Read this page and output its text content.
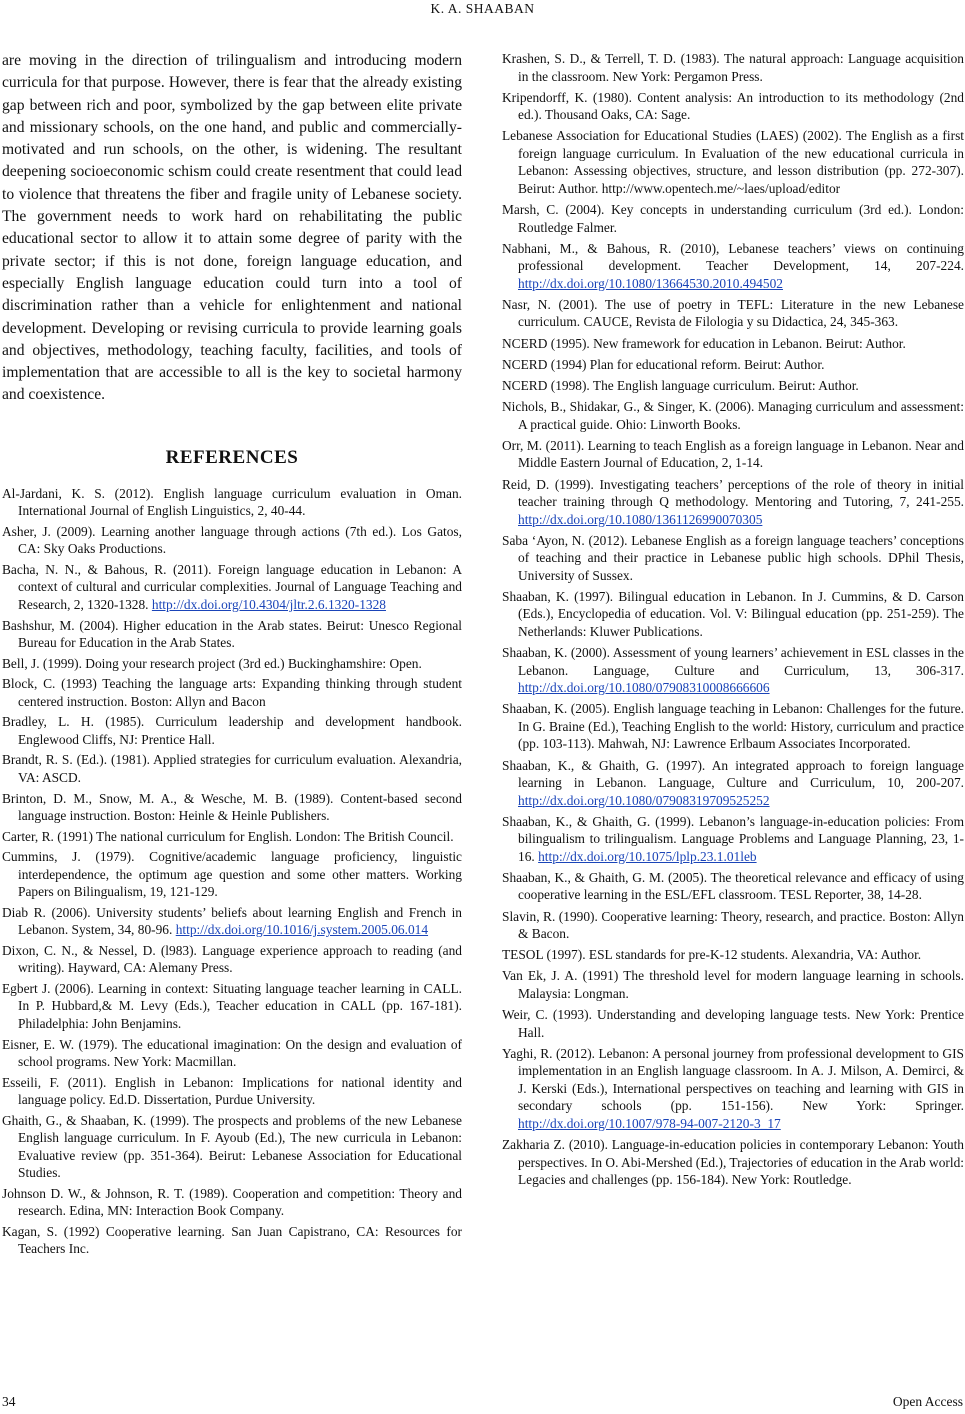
K. A. SHAABAN

are moving in the direction of trilingualism and introducing modern curricula for that purpose. However, there is fear that the already existing gap between rich and poor, symbolized by the gap between elite private and missionary schools, on the one hand, and public and commercially-motivated and run schools, on the other, is widening. The resultant deepening socioeconomic schism could create resentment that could lead to violence that threatens the fiber and fragile unity of Lebanese society. The government needs to work hard on rehabilitating the public educational sector to allow it to attain some degree of parity with the private sector; if this is not done, foreign language education, and especially English language education could turn into a tool of discrimination rather than a vehicle for enlightenment and national development. Developing or revising curricula to provide learning goals and objectives, methodology, teaching faculty, facilities, and tools of implementation that are accessible to all is the key to societal harmony and coexistence.

REFERENCES

Al-Jardani, K. S. (2012). English language curriculum evaluation in Oman. International Journal of English Linguistics, 2, 40-44.

Asher, J. (2009). Learning another language through actions (7th ed.). Los Gatos, CA: Sky Oaks Productions.

Bacha, N. N., & Bahous, R. (2011). Foreign language education in Lebanon: A context of cultural and curricular complexities. Journal of Language Teaching and Research, 2, 1320-1328. http://dx.doi.org/10.4304/jltr.2.6.1320-1328

Bashshur, M. (2004). Higher education in the Arab states. Beirut: Unesco Regional Bureau for Education in the Arab States.

Bell, J. (1999). Doing your research project (3rd ed.) Buckinghamshire: Open.

Block, C. (1993) Teaching the language arts: Expanding thinking through student centered instruction. Boston: Allyn and Bacon

Bradley, L. H. (1985). Curriculum leadership and development handbook. Englewood Cliffs, NJ: Prentice Hall.

Brandt, R. S. (Ed.). (1981). Applied strategies for curriculum evaluation. Alexandria, VA: ASCD.

Brinton, D. M., Snow, M. A., & Wesche, M. B. (1989). Content-based second language instruction. Boston: Heinle & Heinle Publishers.

Carter, R. (1991) The national curriculum for English. London: The British Council.

Cummins, J. (1979). Cognitive/academic language proficiency, linguistic interdependence, the optimum age question and some other matters. Working Papers on Bilingualism, 19, 121-129.

Diab R. (2006). University students’ beliefs about learning English and French in Lebanon. System, 34, 80-96. http://dx.doi.org/10.1016/j.system.2005.06.014

Dixon, C. N., & Nessel, D. (l983). Language experience approach to reading (and writing). Hayward, CA: Alemany Press.

Egbert J. (2006). Learning in context: Situating language teacher learning in CALL. In P. Hubbard,& M. Levy (Eds.), Teacher education in CALL (pp. 167-181). Philadelphia: John Benjamins.

Eisner, E. W. (1979). The educational imagination: On the design and evaluation of school programs. New York: Macmillan.

Esseili, F. (2011). English in Lebanon: Implications for national identity and language policy. Ed.D. Dissertation, Purdue University.

Ghaith, G., & Shaaban, K. (1999). The prospects and problems of the new Lebanese English language curriculum. In F. Ayoub (Ed.), The new curricula in Lebanon: Evaluative review (pp. 351-364). Beirut: Lebanese Association for Educational Studies.

Johnson D. W., & Johnson, R. T. (1989). Cooperation and competition: Theory and research. Edina, MN: Interaction Book Company.

Kagan, S. (1992) Cooperative learning. San Juan Capistrano, CA: Resources for Teachers Inc.

Krashen, S. D., & Terrell, T. D. (1983). The natural approach: Language acquisition in the classroom. New York: Pergamon Press.

Kripendorff, K. (1980). Content analysis: An introduction to its methodology (2nd ed.). Thousand Oaks, CA: Sage.

Lebanese Association for Educational Studies (LAES) (2002). The English as a first foreign language curriculum. In Evaluation of the new educational curricula in Lebanon: Assessing objectives, structure, and lesson distribution (pp. 272-307). Beirut: Author. http://www.opentech.me/~laes/upload/editor

Marsh, C. (2004). Key concepts in understanding curriculum (3rd ed.). London: Routledge Falmer.

Nabhani, M., & Bahous, R. (2010), Lebanese teachers’ views on continuing professional development. Teacher Development, 14, 207-224. http://dx.doi.org/10.1080/13664530.2010.494502

Nasr, N. (2001). The use of poetry in TEFL: Literature in the new Lebanese curriculum. CAUCE, Revista de Filologia y su Didactica, 24, 345-363.

NCERD (1995). New framework for education in Lebanon. Beirut: Author.

NCERD (1994) Plan for educational reform. Beirut: Author.

NCERD (1998). The English language curriculum. Beirut: Author.

Nichols, B., Shidakar, G., & Singer, K. (2006). Managing curriculum and assessment: A practical guide. Ohio: Linworth Books.

Orr, M. (2011). Learning to teach English as a foreign language in Lebanon. Near and Middle Eastern Journal of Education, 2, 1-14.

Reid, D. (1999). Investigating teachers’ perceptions of the role of theory in initial teacher training through Q methodology. Mentoring and Tutoring, 7, 241-255. http://dx.doi.org/10.1080/1361126990070305

Saba ‘Ayon, N. (2012). Lebanese English as a foreign language teachers’ conceptions of teaching and their practice in Lebanese public high schools. DPhil Thesis, University of Sussex.

Shaaban, K. (1997). Bilingual education in Lebanon. In J. Cummins, & D. Carson (Eds.), Encyclopedia of education. Vol. V: Bilingual education (pp. 251-259). The Netherlands: Kluwer Publications.

Shaaban, K. (2000). Assessment of young learners’ achievement in ESL classes in the Lebanon. Language, Culture and Curriculum, 13, 306-317. http://dx.doi.org/10.1080/07908310008666606

Shaaban, K. (2005). English language teaching in Lebanon: Challenges for the future. In G. Braine (Ed.), Teaching English to the world: History, curriculum and practice (pp. 103-113). Mahwah, NJ: Lawrence Erlbaum Associates Incorporated.

Shaaban, K., & Ghaith, G. (1997). An integrated approach to foreign language learning in Lebanon. Language, Culture and Curriculum, 10, 200-207. http://dx.doi.org/10.1080/07908319709525252

Shaaban, K., & Ghaith, G. (1999). Lebanon’s language-in-education policies: From bilingualism to trilingualism. Language Problems and Language Planning, 23, 1-16. http://dx.doi.org/10.1075/lplp.23.1.01leb

Shaaban, K., & Ghaith, G. M. (2005). The theoretical relevance and efficacy of using cooperative learning in the ESL/EFL classroom. TESL Reporter, 38, 14-28.

Slavin, R. (1990). Cooperative learning: Theory, research, and practice. Boston: Allyn & Bacon.

TESOL (1997). ESL standards for pre-K-12 students. Alexandria, VA: Author.

Van Ek, J. A. (1991) The threshold level for modern language learning in schools. Malaysia: Longman.

Weir, C. (1993). Understanding and developing language tests. New York: Prentice Hall.

Yaghi, R. (2012). Lebanon: A personal journey from professional development to GIS implementation in an English language classroom. In A. J. Milson, A. Demirci, & J. Kerski (Eds.), International perspectives on teaching and learning with GIS in secondary schools (pp. 151-156). New York: Springer. http://dx.doi.org/10.1007/978-94-007-2120-3_17

Zakharia Z. (2010). Language-in-education policies in contemporary Lebanon: Youth perspectives. In O. Abi-Mershed (Ed.), Trajectories of education in the Arab world: Legacies and challenges (pp. 156-184). New York: Routledge.

34	Open Access
